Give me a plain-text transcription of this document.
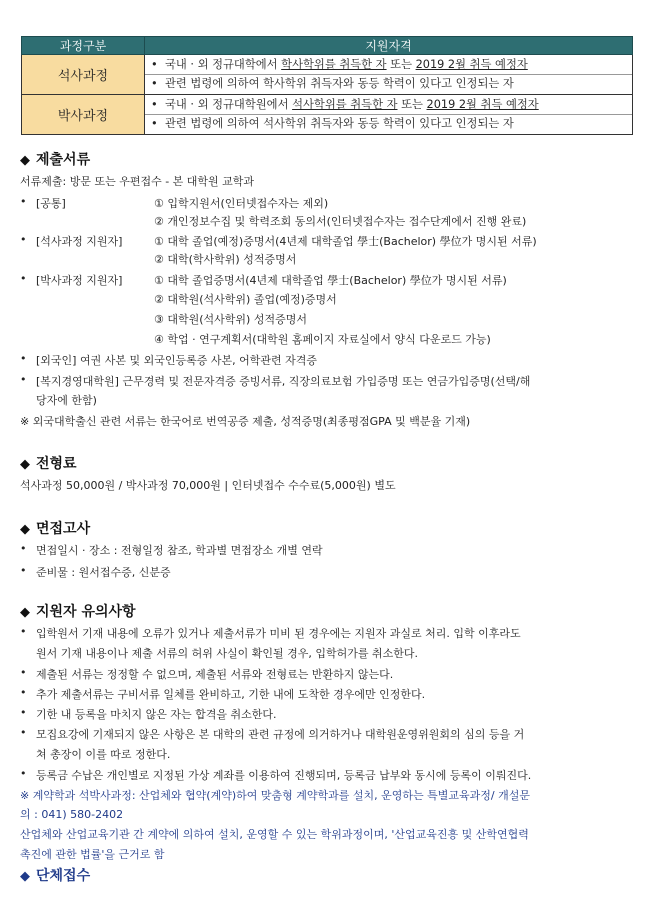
과정구분	지원자격
석사과정	• 국내 · 외 정규대학에서 학사학위를 취득한 자 또는 2019 2월 취득 예정자
• 관련 법령에 의하여 학사학위 취득자와 동등 학력이 있다고 인정되는 자

박사과정	• 국내 · 외 정규대학원에서 석사학위를 취득한 자 또는 2019 2월 취득 예정자
• 관련 법령에 의하여 석사학위 취득자와 동등 학력이 있다고 인정되는 자
◆ 제출서류
서류제출: 방문 또는 우편접수 - 본 대학원 교학과
• [공통]	① 입학지원서(인터넷접수자는 제외)
② 개인정보수집 및 학력조회 동의서(인터넷접수자는 접수단계에서 진행 완료)
• [석사과정 지원자]	① 대학 졸업(예정)증명서(4년제 대학졸업 學士(Bachelor) 學位가 명시된 서류)
② 대학(학사학위) 성적증명서
• [박사과정 지원자]	① 대학 졸업증명서(4년제 대학졸업 學士(Bachelor) 學位가 명시된 서류)
② 대학원(석사학위) 졸업(예정)증명서
③ 대학원(석사학위) 성적증명서
④ 학업 · 연구계획서(대학원 홈페이지 자료실에서 양식 다운로드 가능)
• [외국인] 여권 사본 및 외국인등록증 사본, 어학관련 자격증
• [복지경영대학원] 근무경력 및 전문자격증 증빙서류, 직장의료보험 가입증명 또는 연금가입증명(선택/해
당자에 한함)
※ 외국대학출신 관련 서류는 한국어로 번역공증 제출, 성적증명(최종평점GPA 및 백분율 기재)
◆ 전형료
석사과정 50,000원 / 박사과정 70,000원 | 인터넷접수 수수료(5,000원) 별도
◆ 면접고사
• 면접일시 · 장소 : 전형일정 참조, 학과별 면접장소 개별 연락
• 준비물 : 원서접수증, 신분증
◆ 지원자 유의사항
• 입학원서 기재 내용에 오류가 있거나 제출서류가 미비 된 경우에는 지원자 과실로 처리. 입학 이후라도
원서 기재 내용이나 제출 서류의 허위 사실이 확인될 경우, 입학허가를 취소한다.
• 제출된 서류는 정정할 수 없으며, 제출된 서류와 전형료는 반환하지 않는다.
• 추가 제출서류는 구비서류 일체를 완비하고, 기한 내에 도착한 경우에만 인정한다.
• 기한 내 등록을 마치지 않은 자는 합격을 취소한다.
• 모집요강에 기재되지 않은 사항은 본 대학의 관련 규정에 의거하거나 대학원운영위원회의 심의 등을 거
쳐 총장이 이를 따로 정한다.
• 등록금 수납은 개인별로 지정된 가상 계좌를 이용하여 진행되며, 등록금 납부와 동시에 등록이 이뤄진다.
※ 계약학과 석박사과정: 산업체와 협약(계약)하여 맞춤형 계약학과를 설치, 운영하는 특별교육과정/ 개설문
의 : 041) 580-2402
산업체와 산업교육기관 간 계약에 의하여 설치, 운영할 수 있는 학위과정이며, '산업교육진흥 및 산학연협력
촉진에 관한 법률'을 근거로 함
◆ 단체접수
